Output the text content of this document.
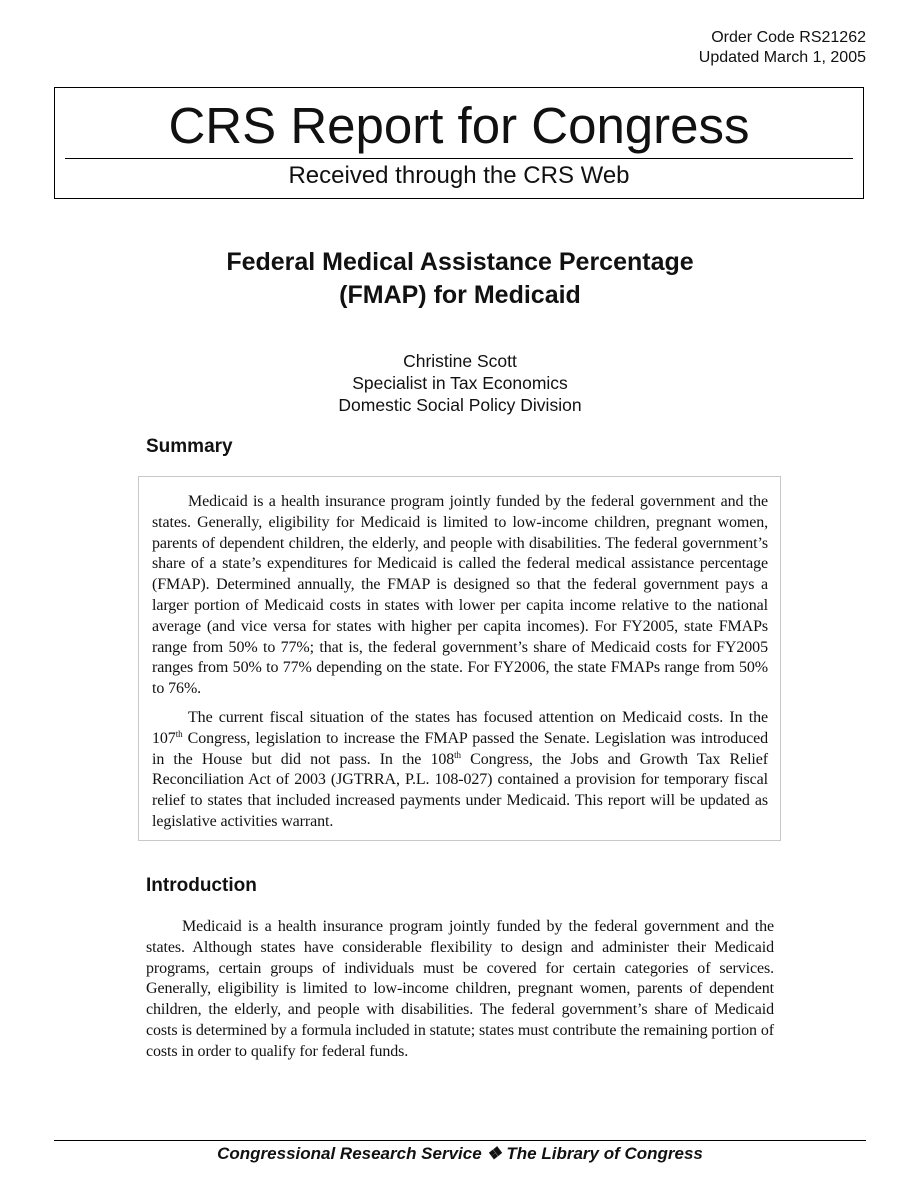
Order Code RS21262
Updated March 1, 2005
CRS Report for Congress
Received through the CRS Web
Federal Medical Assistance Percentage
(FMAP) for Medicaid
Christine Scott
Specialist in Tax Economics
Domestic Social Policy Division
Summary

Medicaid is a health insurance program jointly funded by the federal government and the states. Generally, eligibility for Medicaid is limited to low-income children, pregnant women, parents of dependent children, the elderly, and people with disabilities. The federal government’s share of a state’s expenditures for Medicaid is called the federal medical assistance percentage (FMAP). Determined annually, the FMAP is designed so that the federal government pays a larger portion of Medicaid costs in states with lower per capita income relative to the national average (and vice versa for states with higher per capita incomes). For FY2005, state FMAPs range from 50% to 77%; that is, the federal government’s share of Medicaid costs for FY2005 ranges from 50% to 77% depending on the state. For FY2006, the state FMAPs range from 50% to 76%.

The current fiscal situation of the states has focused attention on Medicaid costs. In the 107th Congress, legislation to increase the FMAP passed the Senate. Legislation was introduced in the House but did not pass. In the 108th Congress, the Jobs and Growth Tax Relief Reconciliation Act of 2003 (JGTRRA, P.L. 108-027) contained a provision for temporary fiscal relief to states that included increased payments under Medicaid. This report will be updated as legislative activities warrant.

Introduction

Medicaid is a health insurance program jointly funded by the federal government and the states. Although states have considerable flexibility to design and administer their Medicaid programs, certain groups of individuals must be covered for certain categories of services. Generally, eligibility is limited to low-income children, pregnant women, parents of dependent children, the elderly, and people with disabilities. The federal government’s share of Medicaid costs is determined by a formula included in statute; states must contribute the remaining portion of costs in order to qualify for federal funds.

Congressional Research Service ❖ The Library of Congress
